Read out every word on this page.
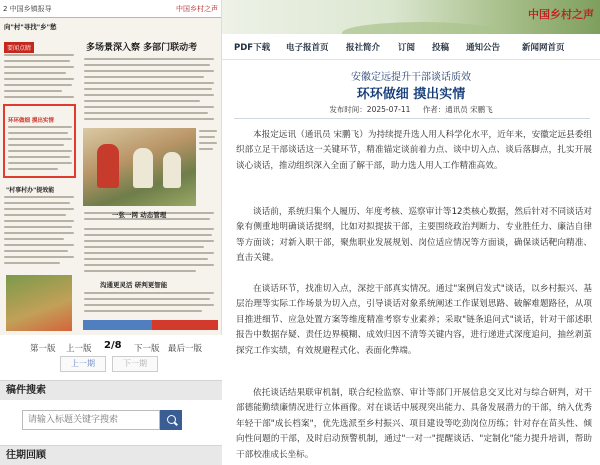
2 中国乡镇报导	中国乡村之声
向"村"寻找"乡"愁
要闻点睛
环环做细 摸出实情
"村事村办"提效能
多场景深入察 多部门联动考
一张一网 动态管理
沟通更灵活 研判更智能
第一版 上一版 2/8 下一版 最后一版
上一期	下一期
稿件搜索
请输入标题关键字搜索
往期回顾
中国乡村之声
PDF下载 电子报首页 报社简介 订阅 投稿 通知公告	新闻网首页
安徽定远提升干部谈话质效
环环做细 摸出实情
发布时间：2025-07-11 作者：通讯员 宋鹏飞

本报定远讯（通讯员 宋鹏飞）为持续提升选人用人科学化水平，近年来，安徽定远县委组织部立足干部谈话这一关键环节，精准锚定谈前着力点、谈中切入点、谈后落脚点，扎实开展谈心谈话，推动组织深入全面了解干部，助力选人用人工作精准高效。

谈话前，系统归集个人履历、年度考核、巡察审计等12类核心数据，然后针对不同谈话对象有侧重地明确谈话提纲，比如对拟提拔干部，主要围绕政治判断力、专业胜任力、廉洁自律等方面谈；对新入职干部，聚焦职业发展规划、岗位适应情况等方面谈，确保谈话靶向精准、直击关键。

在谈话环节，找准切入点，深挖干部真实情况。通过"案例启发式"谈话，以乡村振兴、基层治理等实际工作场景为切入点，引导谈话对象系统阐述工作谋划思路、破解难题路径，从项目推进细节、应急处置方案等维度精准考察专业素养；采取"链条追问式"谈话，针对干部述职报告中数据存疑、责任边界模糊、成效归因不清等关键内容，进行递进式深度追问，抽丝剥茧探究工作实绩，有效规避程式化、表面化弊端。

依托谈话结果联审机制，联合纪检监察、审计等部门开展信息交叉比对与综合研判，对干部德能勤绩廉情况进行立体画像。对在谈话中展现突出能力、具备发展潜力的干部，纳入优秀年轻干部"成长档案"，优先选派至乡村振兴、项目建设等吃劲岗位历练；针对存在苗头性、倾向性问题的干部，及时启动预警机制，通过"一对一"提醒谈话、"定制化"能力提升培训，帮助干部校准成长坐标。
